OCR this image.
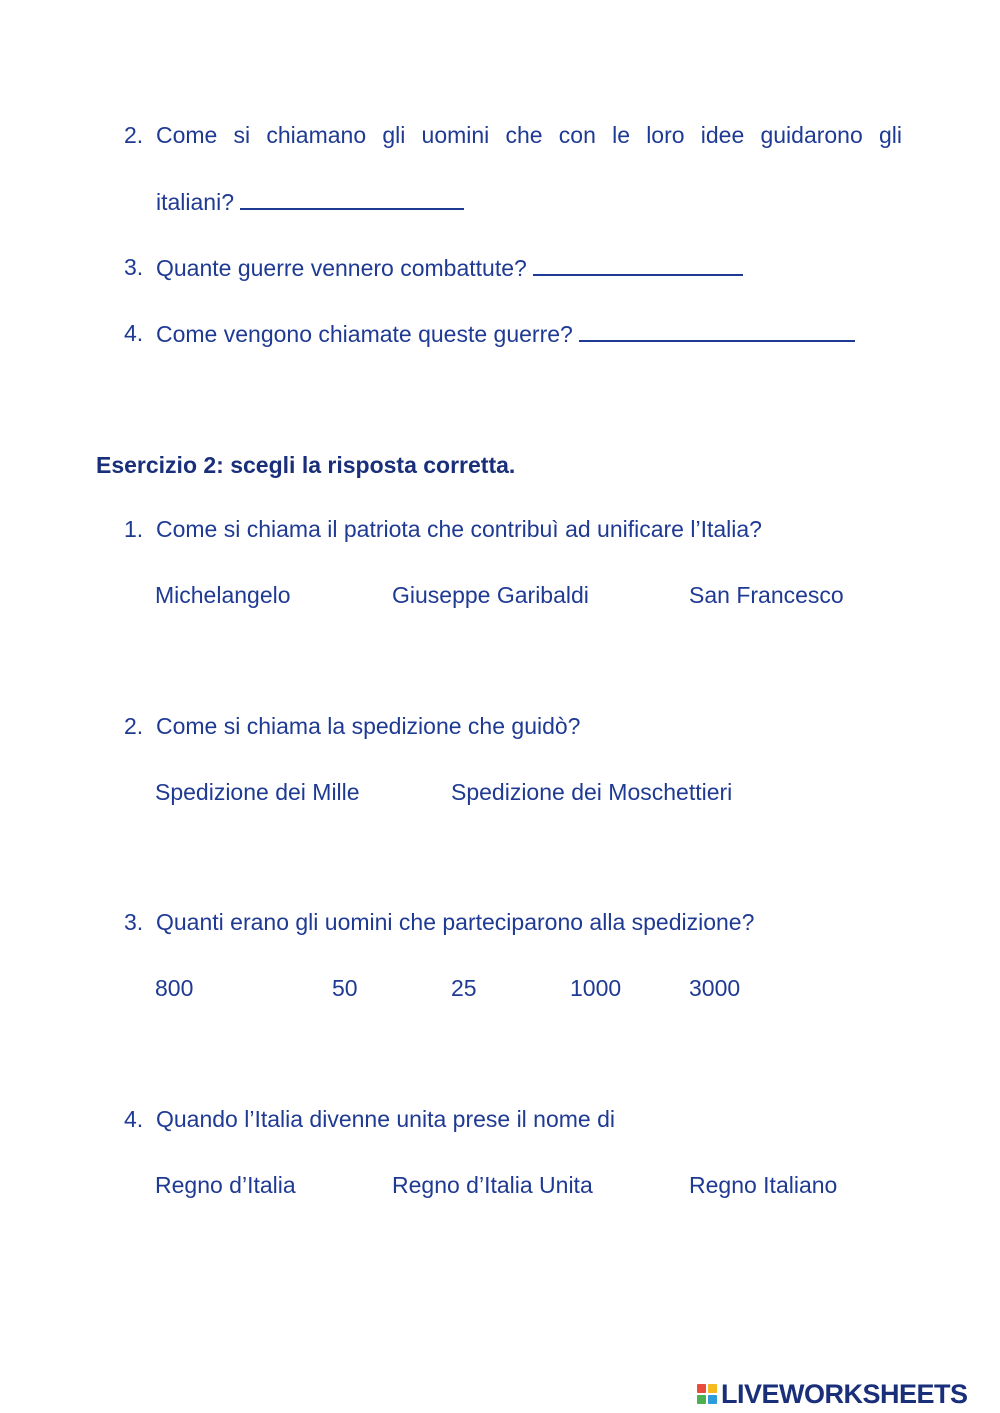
2. Come si chiamano gli uomini che con le loro idee guidarono gli
italiani?
3. Quante guerre vennero combattute?
4. Come vengono chiamate queste guerre?
Esercizio 2: scegli la risposta corretta.
1. Come si chiama il patriota che contribuì ad unificare l’Italia?
Michelangelo	Giuseppe Garibaldi	San Francesco
2. Come si chiama la spedizione che guidò?
Spedizione dei Mille	Spedizione dei Moschettieri
3. Quanti erano gli uomini che parteciparono alla spedizione?
800	50	25	1000	3000
4. Quando l’Italia divenne unita prese il nome di
Regno d’Italia	Regno d’Italia Unita	Regno Italiano
LIVEWORKSHEETS
